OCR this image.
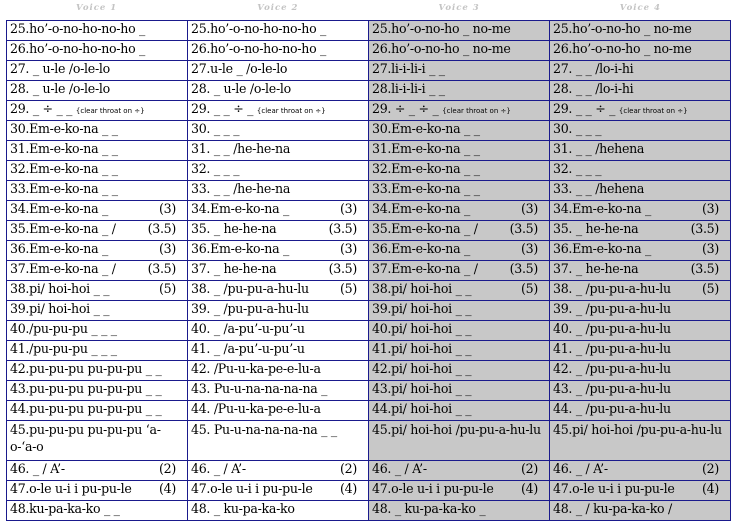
Voice 1	Voice 2	Voice 3	Voice 4
25.ho’-o-no-ho-no-ho _	25.ho’-o-no-ho-no-ho _	25.ho’-o-no-ho _ no-me	25.ho’-o-no-ho _ no-me

26.ho’-o-no-ho-no-ho _	26.ho’-o-no-ho-no-ho _	26.ho’-o-no-ho _ no-me	26.ho’-o-no-ho _ no-me

27. _ u-le /o-le-lo	27.u-le _ /o-le-lo	27.li-i-li-i _ _	27. _ _ /lo-i-hi

28. _ u-le /o-le-lo	28. _ u-le /o-le-lo	28.li-i-li-i _ _	28. _ _ /lo-i-hi

29. _ ÷ _ _ {clear throat on ÷}	29. _ _ ÷ _ {clear throat on ÷}	29. ÷ _ ÷ _ {clear throat on ÷}	29. _ _ ÷ _ {clear throat on ÷}

30.Em-e-ko-na _ _	30. _ _ _	30.Em-e-ko-na _ _	30. _ _ _

31.Em-e-ko-na _ _	31. _ _ /he-he-na	31.Em-e-ko-na _ _	31. _ _ /hehena

32.Em-e-ko-na _ _	32. _ _ _	32.Em-e-ko-na _ _	32. _ _ _

33.Em-e-ko-na _ _	33. _ _ /he-he-na	33.Em-e-ko-na _ _	33. _ _ /hehena

34.Em-e-ko-na _ (3)	34.Em-e-ko-na _ (3)	34.Em-e-ko-na _ (3)	34.Em-e-ko-na _ (3)

35.Em-e-ko-na _ / (3.5)	35. _ he-he-na (3.5)	35.Em-e-ko-na _ / (3.5)	35. _ he-he-na (3.5)

36.Em-e-ko-na _ (3)	36.Em-e-ko-na _ (3)	36.Em-e-ko-na _ (3)	36.Em-e-ko-na _ (3)

37.Em-e-ko-na _ / (3.5)	37. _ he-he-na (3.5)	37.Em-e-ko-na _ / (3.5)	37. _ he-he-na (3.5)

38.pi/ hoi-hoi _ _ (5)	38. _ /pu-pu-a-hu-lu (5)	38.pi/ hoi-hoi _ _ (5)	38. _ /pu-pu-a-hu-lu (5)

39.pi/ hoi-hoi _ _	39. _ /pu-pu-a-hu-lu	39.pi/ hoi-hoi _ _	39. _ /pu-pu-a-hu-lu

40./pu-pu-pu _ _ _	40. _ /a-pu’-u-pu’-u	40.pi/ hoi-hoi _ _	40. _ /pu-pu-a-hu-lu

41./pu-pu-pu _ _ _	41. _ /a-pu’-u-pu’-u	41.pi/ hoi-hoi _ _	41. _ /pu-pu-a-hu-lu

42.pu-pu-pu pu-pu-pu _ _	42. /Pu-u-ka-pe-e-lu-a	42.pi/ hoi-hoi _ _	42. _ /pu-pu-a-hu-lu

43.pu-pu-pu pu-pu-pu _ _	43. Pu-u-na-na-na-na _	43.pi/ hoi-hoi _ _	43. _ /pu-pu-a-hu-lu

44.pu-pu-pu pu-pu-pu _ _	44. /Pu-u-ka-pe-e-lu-a	44.pi/ hoi-hoi _ _	44. _ /pu-pu-a-hu-lu

45.pu-pu-pu pu-pu-pu ‘a-o-‘a-o	45. Pu-u-na-na-na-na _ _	45.pi/ hoi-hoi /pu-pu-a-hu-lu	45.pi/ hoi-hoi /pu-pu-a-hu-lu

46. _ / A’- (2)	46. _ / A’- (2)	46. _ / A’- (2)	46. _ / A’- (2)

47.o-le u-i i pu-pu-le (4)	47.o-le u-i i pu-pu-le (4)	47.o-le u-i i pu-pu-le (4)	47.o-le u-i i pu-pu-le (4)

48.ku-pa-ka-ko _ _	48. _ ku-pa-ka-ko	48. _ ku-pa-ka-ko _	48. _ / ku-pa-ka-ko /
